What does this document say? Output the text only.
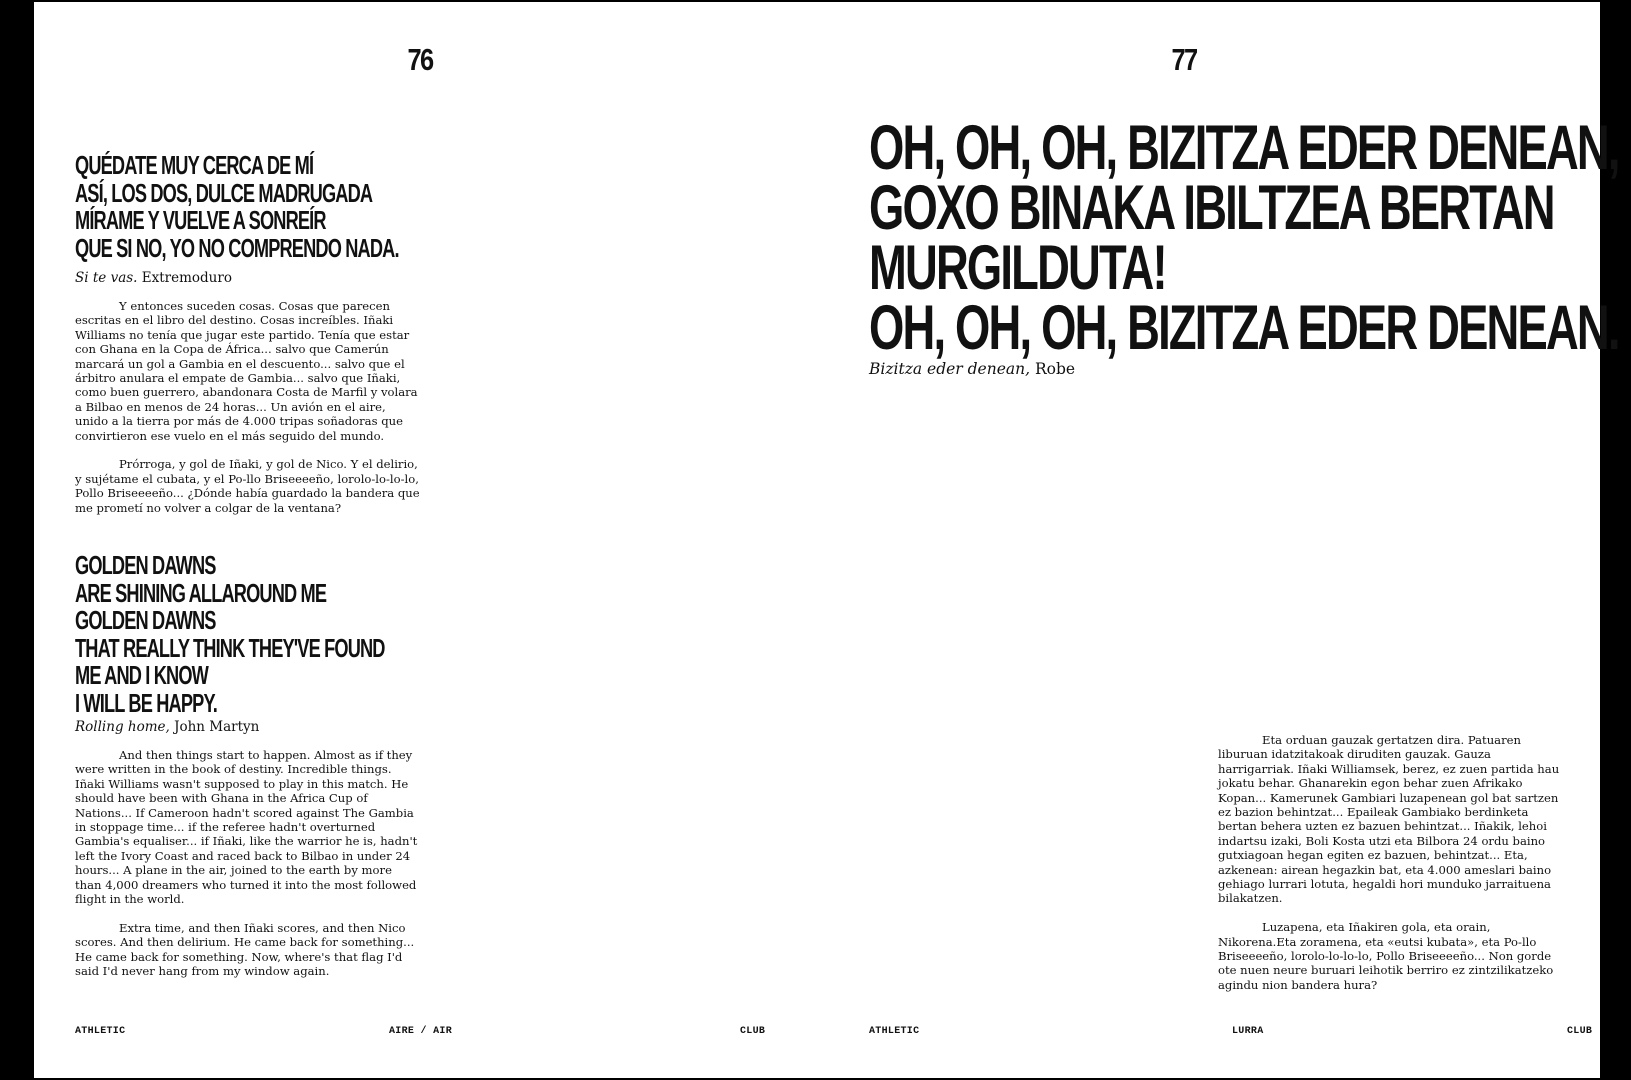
76
QUÉDATE MUY CERCA DE MÍ
ASÍ, LOS DOS, DULCE MADRUGADA
MÍRAME Y VUELVE A SONREÍR
QUE SI NO, YO NO COMPRENDO NADA.
Si te vas. Extremoduro

Y entonces suceden cosas. Cosas que parecen escritas en el libro del destino. Cosas increíbles. Iñaki Williams no tenía que jugar este partido. Tenía que estar con Ghana en la Copa de África... salvo que Camerún marcará un gol a Gambia en el descuento... salvo que el árbitro anulara el empate de Gambia... salvo que Iñaki, como buen guerrero, abandonara Costa de Marfil y volara a Bilbao en menos de 24 horas... Un avión en el aire, unido a la tierra por más de 4.000 tripas soñadoras que convirtieron ese vuelo en el más seguido del mundo.

Prórroga, y gol de Iñaki, y gol de Nico. Y el delirio, y sujétame el cubata, y el Po-llo Briseeeeño, lorolo-lo-lo-lo, Pollo Briseeeeño... ¿Dónde había guardado la bandera que me prometí no volver a colgar de la ventana?

GOLDEN DAWNS
ARE SHINING ALLAROUND ME
GOLDEN DAWNS
THAT REALLY THINK THEY'VE FOUND
ME AND I KNOW
I WILL BE HAPPY.
Rolling home, John Martyn

And then things start to happen. Almost as if they were written in the book of destiny. Incredible things. Iñaki Williams wasn't supposed to play in this match. He should have been with Ghana in the Africa Cup of Nations... If Cameroon hadn't scored against The Gambia in stoppage time... if the referee hadn't overturned Gambia's equaliser... if Iñaki, like the warrior he is, hadn't left the Ivory Coast and raced back to Bilbao in under 24 hours... A plane in the air, joined to the earth by more than 4,000 dreamers who turned it into the most followed flight in the world.

Extra time, and then Iñaki scores, and then Nico scores. And then delirium. He came back for something... He came back for something. Now, where's that flag I'd said I'd never hang from my window again.

ATHLETIC	AIRE / AIR	CLUB
77
OH, OH, OH, BIZITZA EDER DENEAN,
GOXO BINAKA IBILTZEA BERTAN
MURGILDUTA!
OH, OH, OH, BIZITZA EDER DENEAN.
Bizitza eder denean, Robe

Eta orduan gauzak gertatzen dira. Patuaren liburuan idatzitakoak diruditen gauzak. Gauza harrigarriak. Iñaki Williamsek, berez, ez zuen partida hau jokatu behar. Ghanarekin egon behar zuen Afrikako Kopan... Kamerunek Gambiari luzapenean gol bat sartzen ez bazion behintzat... Epaileak Gambiako berdinketa bertan behera uzten ez bazuen behintzat... Iñakik, lehoi indartsu izaki, Boli Kosta utzi eta Bilbora 24 ordu baino gutxiagoan hegan egiten ez bazuen, behintzat... Eta, azkenean: airean hegazkin bat, eta 4.000 ameslari baino gehiago lurrari lotuta, hegaldi hori munduko jarraituena bilakatzen.

Luzapena, eta Iñakiren gola, eta orain, Nikorena.Eta zoramena, eta «eutsi kubata», eta Po-llo Briseeeeño, lorolo-lo-lo-lo, Pollo Briseeeeño... Non gorde ote nuen neure buruari leihotik berriro ez zintzilikatzeko agindu nion bandera hura?

ATHLETIC	LURRA	CLUB
